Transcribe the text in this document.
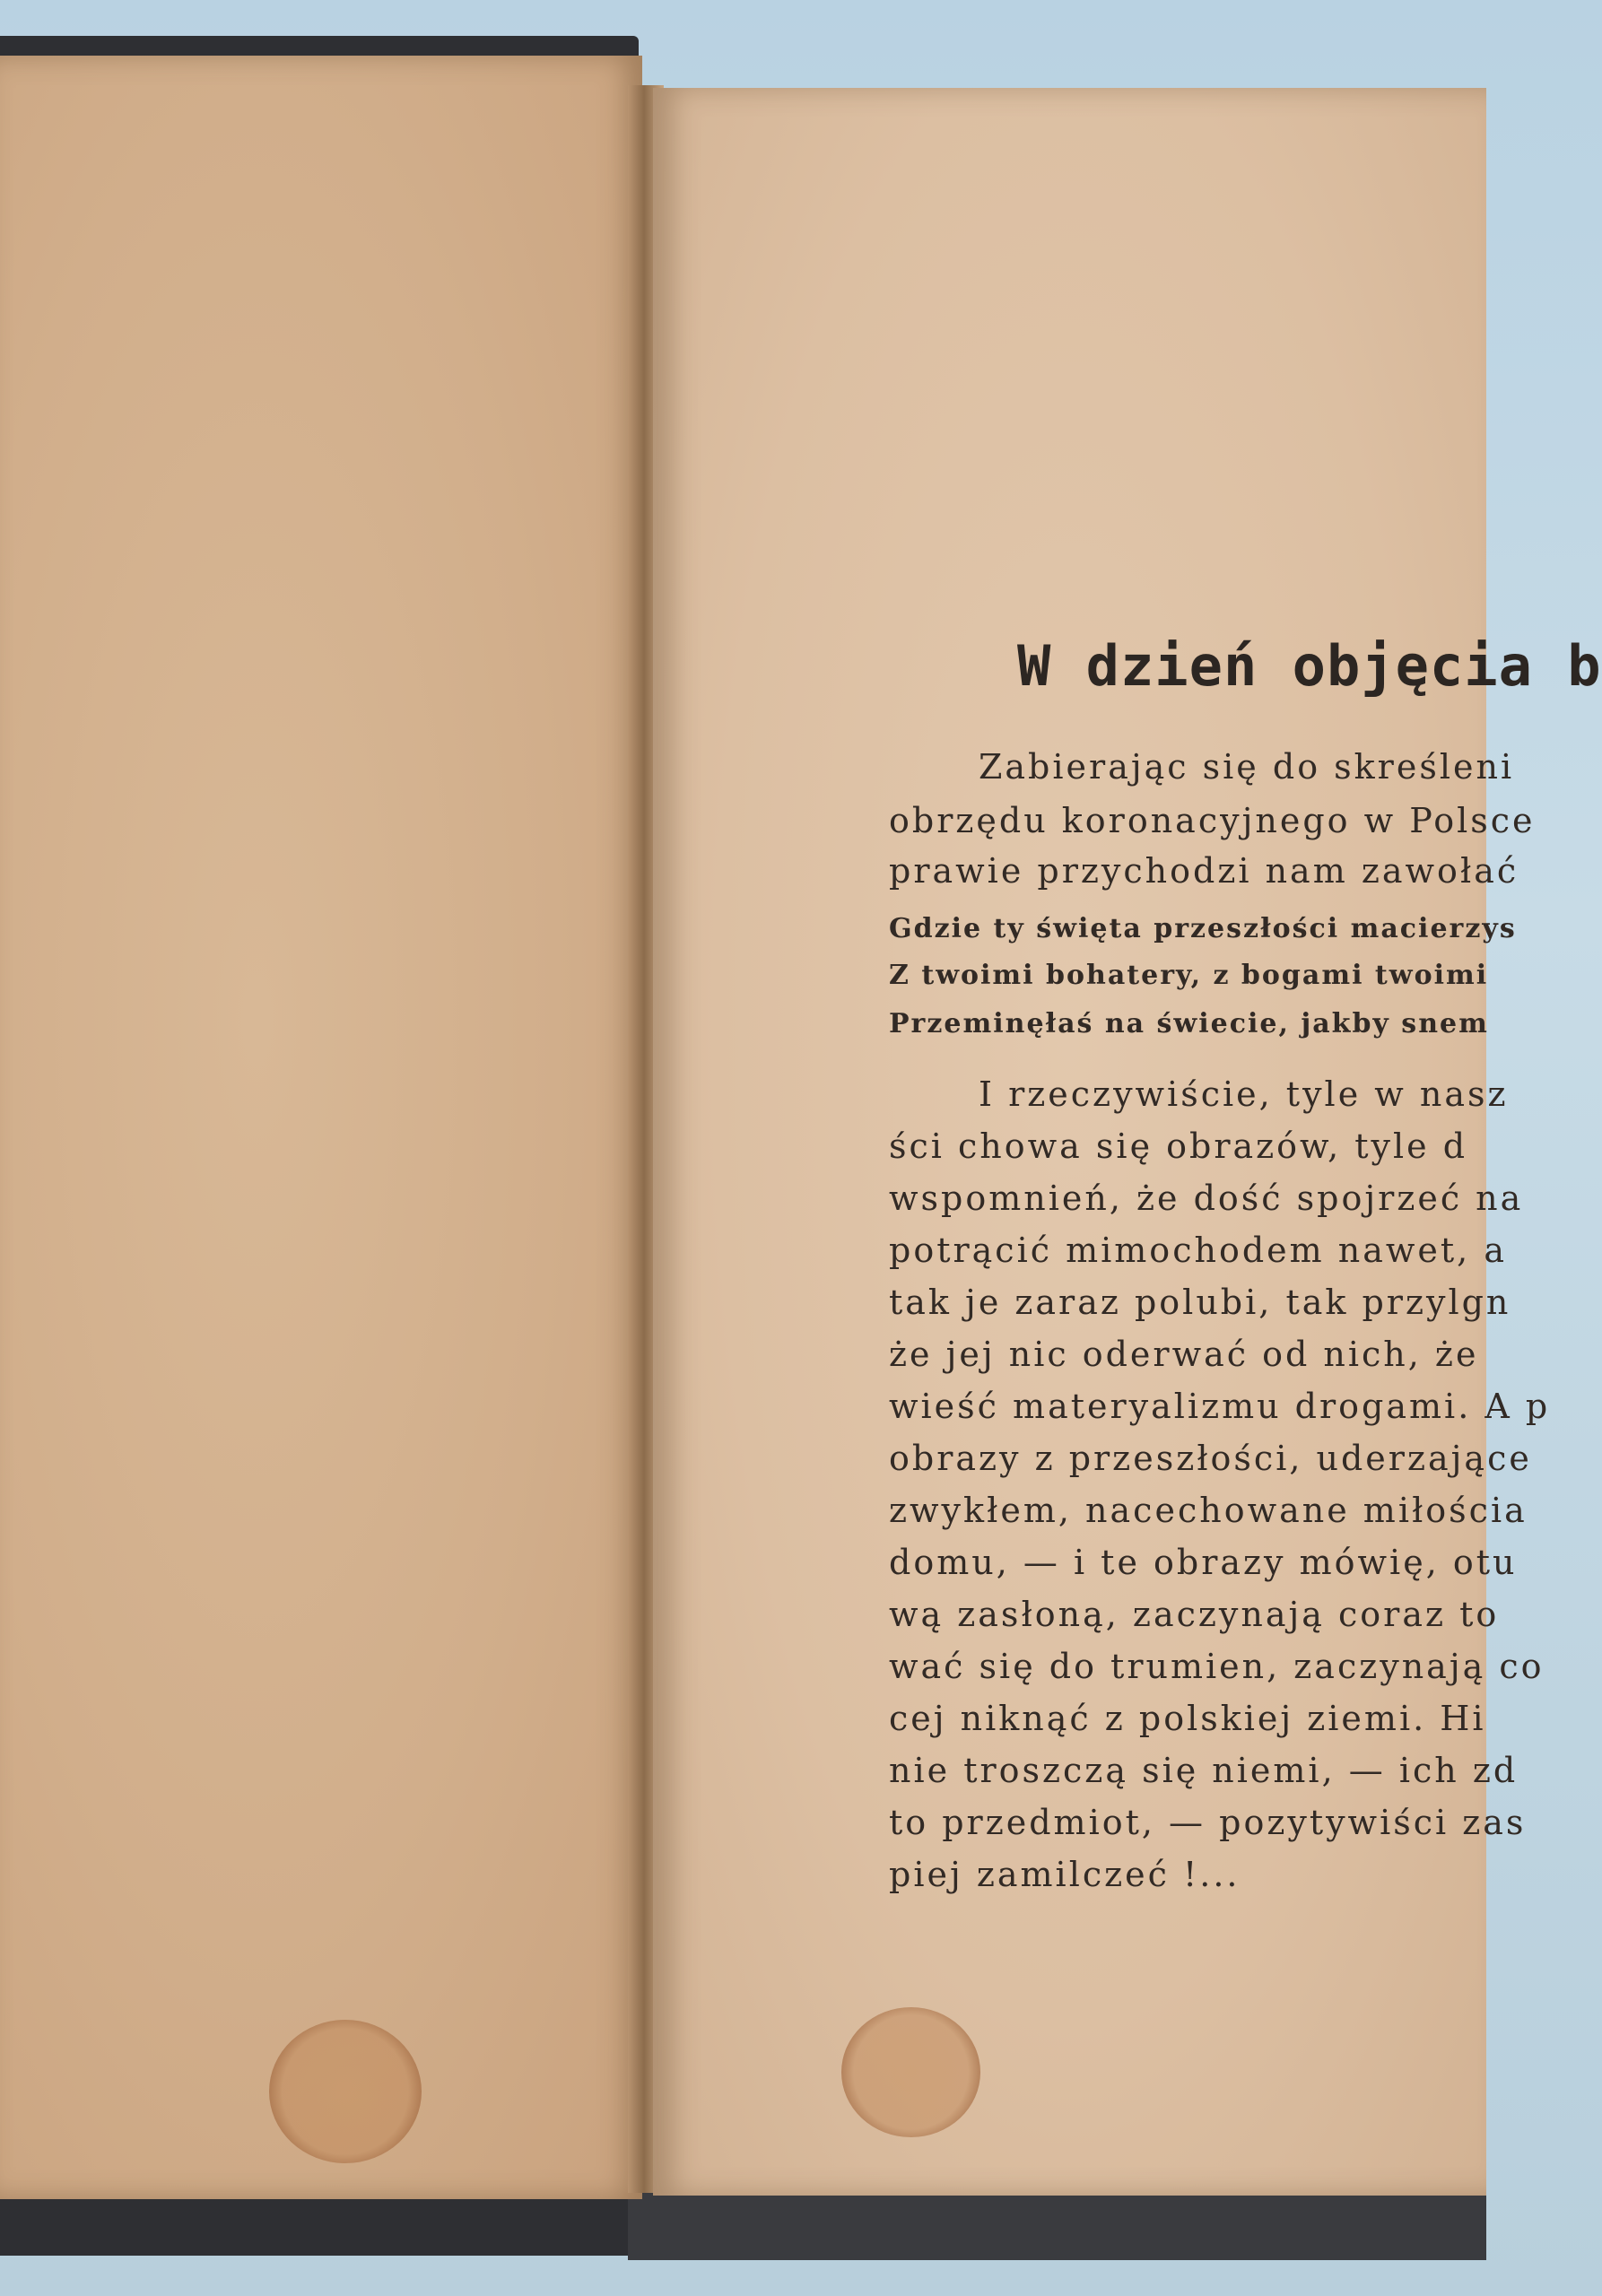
W dzień objęcia b
Zabierając się do skreśleni
obrzędu koronacyjnego w Polsce
prawie przychodzi nam zawołać
Gdzie ty święta przeszłości macierzys
Z twoimi bohatery, z bogami twoimi
Przeminęłaś na świecie, jakby snem
I rzeczywiście, tyle w nasz
ści chowa się obrazów, tyle d
wspomnień, że dość spojrzeć na
potrącić mimochodem nawet, a
tak je zaraz polubi, tak przylgn
że jej nic oderwać od nich, że
wieść materyalizmu drogami. A p
obrazy z przeszłości, uderzające
zwykłem, nacechowane miłościa
domu, — i te obrazy mówię, otu
wą zasłoną, zaczynają coraz to
wać się do trumien, zaczynają co
cej niknąć z polskiej ziemi. Hi
nie troszczą się niemi, — ich zd
to przedmiot, — pozytywiści zas
piej zamilczeć !...
